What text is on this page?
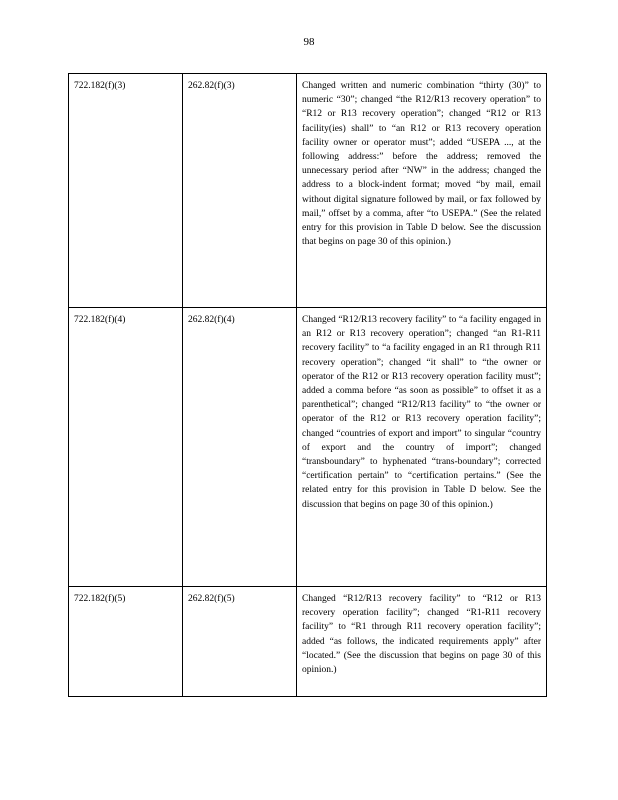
98
722.182(f)(3)	262.82(f)(3)	Changed written and numeric combination “thirty (30)” to numeric “30”; changed “the R12/R13 recovery operation” to “R12 or R13 recovery operation”; changed “R12 or R13 facility(ies) shall” to “an R12 or R13 recovery operation facility owner or operator must”; added “USEPA ..., at the following address:” before the address; removed the unnecessary period after “NW” in the address; changed the address to a block-indent format; moved “by mail, email without digital signature followed by mail, or fax followed by mail,” offset by a comma, after “to USEPA.” (See the related entry for this provision in Table D below. See the discussion that begins on page 30 of this opinion.)
722.182(f)(4)	262.82(f)(4)	Changed “R12/R13 recovery facility” to “a facility engaged in an R12 or R13 recovery operation”; changed “an R1-R11 recovery facility” to “a facility engaged in an R1 through R11 recovery operation”; changed “it shall” to “the owner or operator of the R12 or R13 recovery operation facility must”; added a comma before “as soon as possible” to offset it as a parenthetical”; changed “R12/R13 facility” to “the owner or operator of the R12 or R13 recovery operation facility”; changed “countries of export and import” to singular “country of export and the country of import”; changed “transboundary” to hyphenated “trans-boundary”; corrected “certification pertain” to “certification pertains.” (See the related entry for this provision in Table D below. See the discussion that begins on page 30 of this opinion.)
722.182(f)(5)	262.82(f)(5)	Changed “R12/R13 recovery facility” to “R12 or R13 recovery operation facility”; changed “R1-R11 recovery facility” to “R1 through R11 recovery operation facility”; added “as follows, the indicated requirements apply” after “located.” (See the discussion that begins on page 30 of this opinion.)
